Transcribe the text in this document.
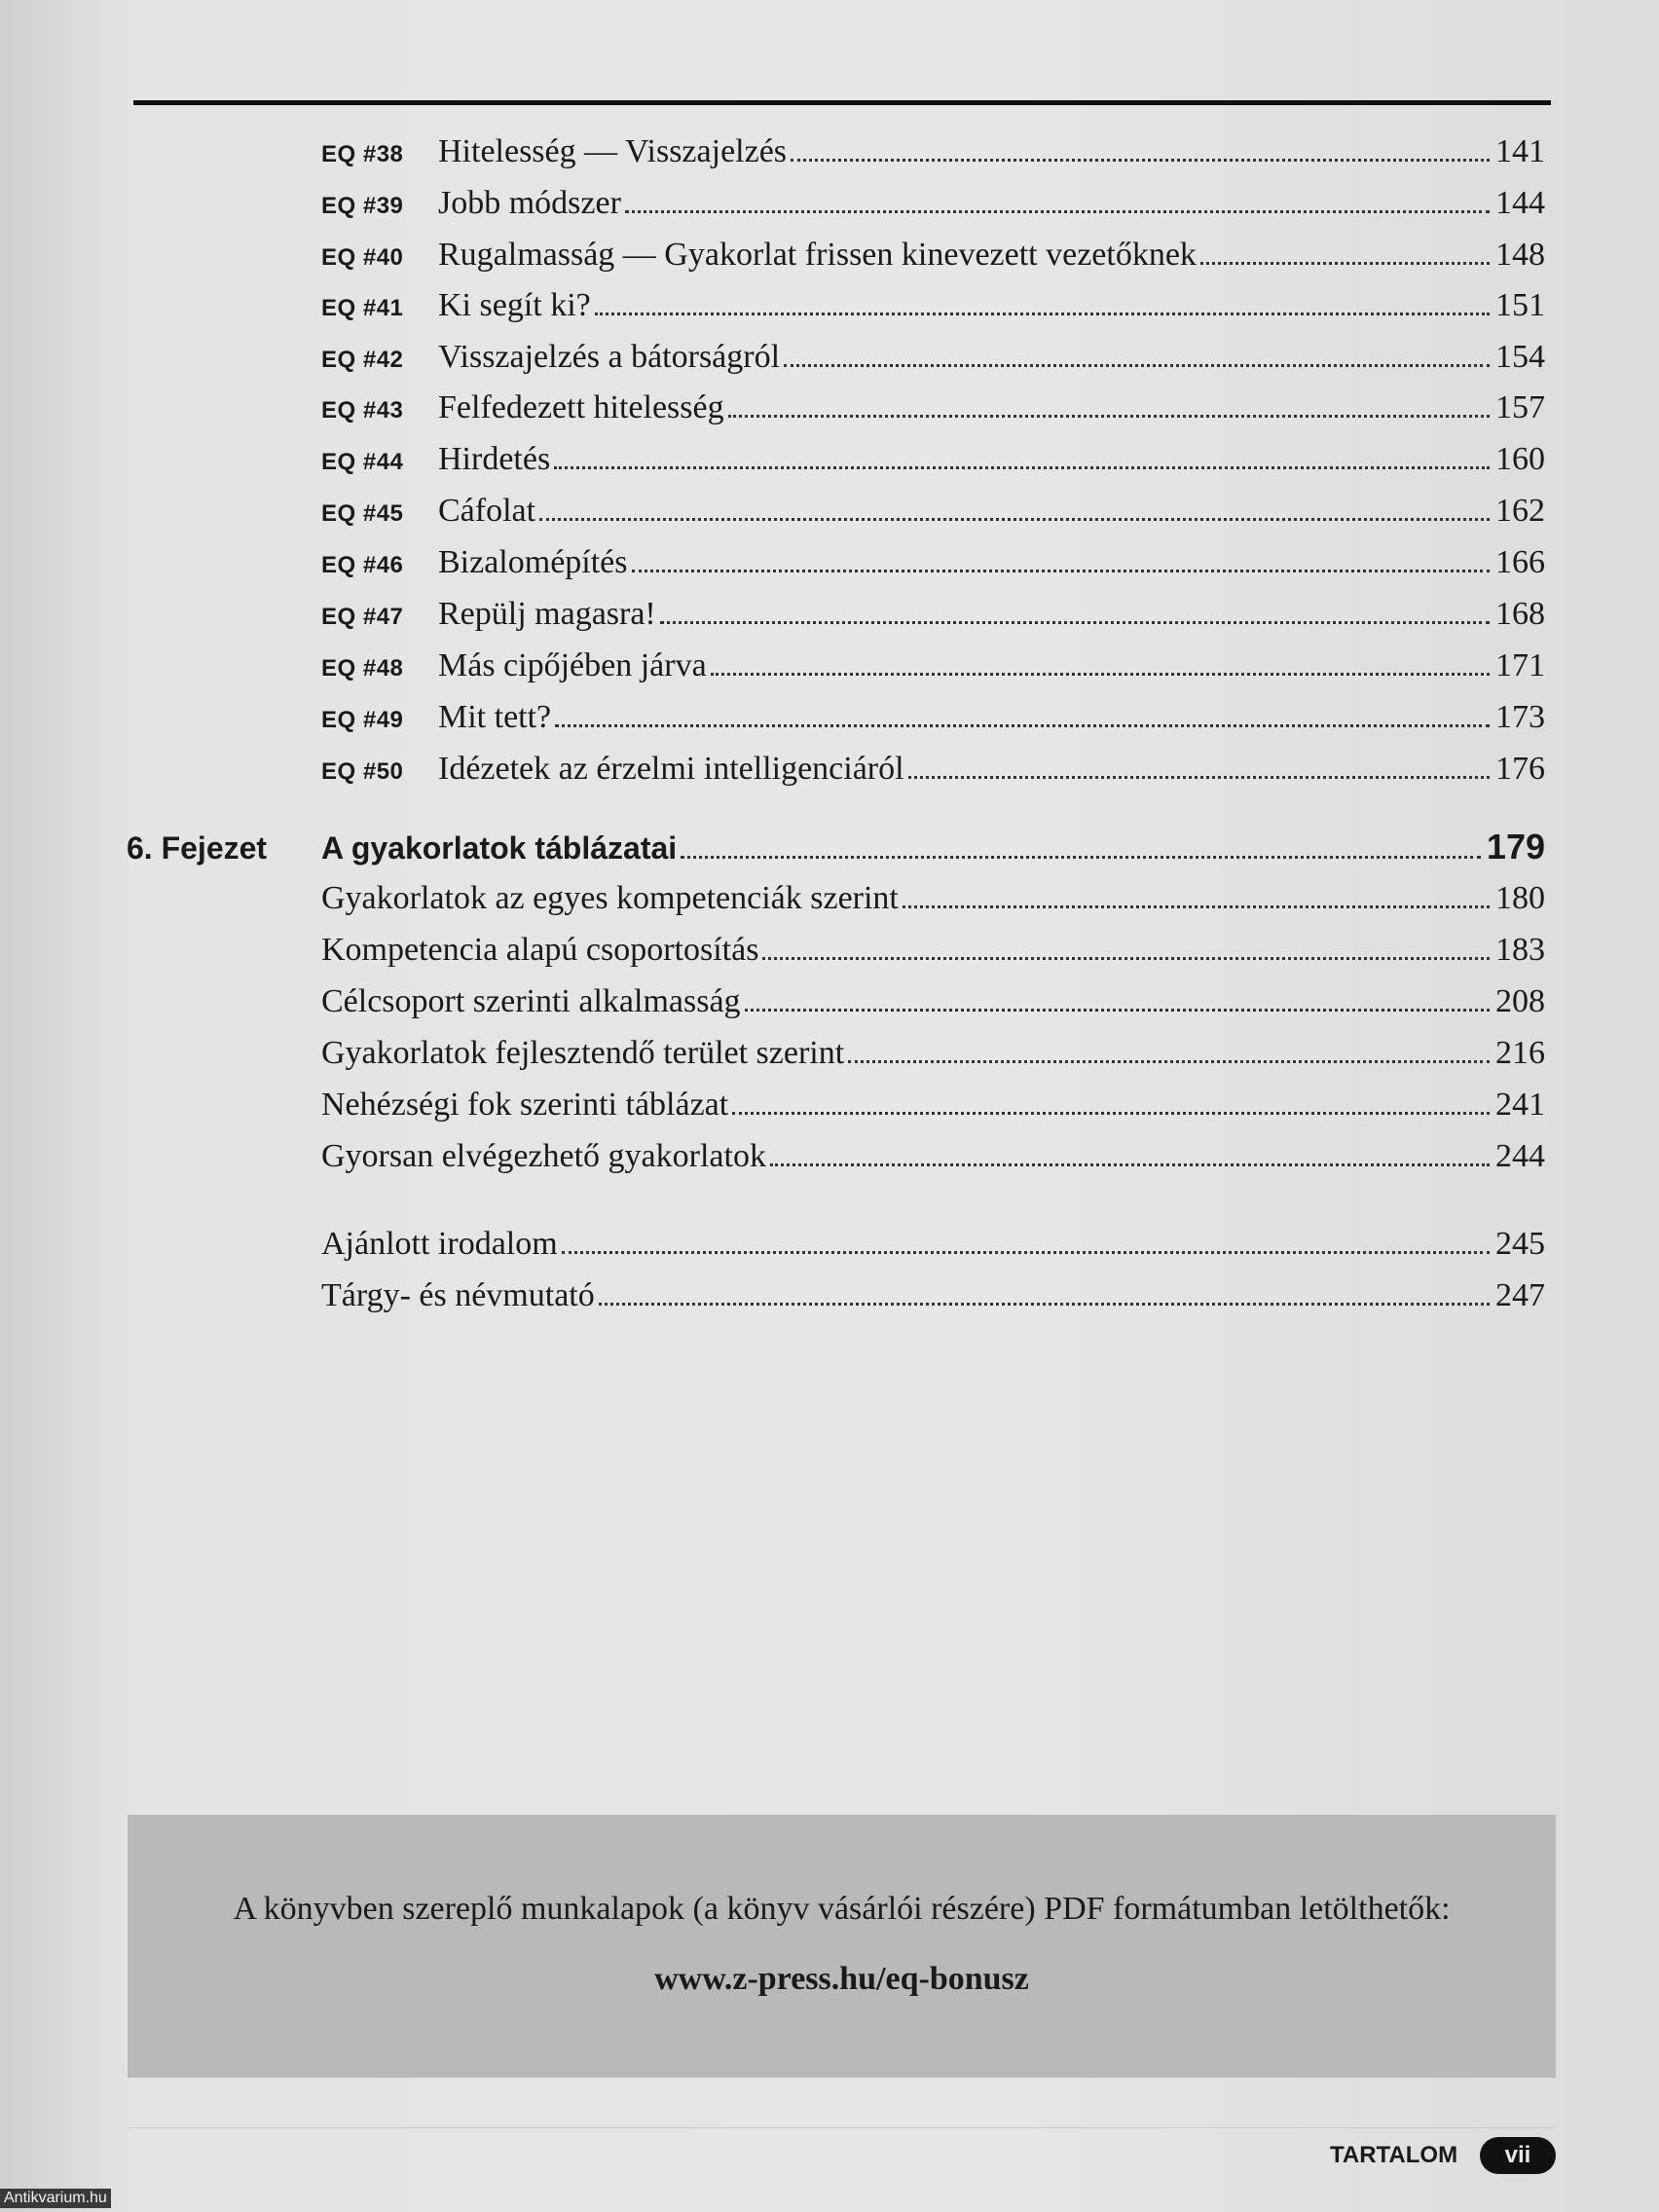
EQ #38	Hitelesség — Visszajelzés	141
EQ #39	Jobb módszer	144
EQ #40	Rugalmasság — Gyakorlat frissen kinevezett vezetőknek	148
EQ #41	Ki segít ki?	151
EQ #42	Visszajelzés a bátorságról	154
EQ #43	Felfedezett hitelesség	157
EQ #44	Hirdetés	160
EQ #45	Cáfolat	162
EQ #46	Bizalomépítés	166
EQ #47	Repülj magasra!	168
EQ #48	Más cipőjében járva	171
EQ #49	Mit tett?	173
EQ #50	Idézetek az érzelmi intelligenciáról	176
6. Fejezet A gyakorlatok táblázatai	179
Gyakorlatok az egyes kompetenciák szerint	180
Kompetencia alapú csoportosítás	183
Célcsoport szerinti alkalmasság	208
Gyakorlatok fejlesztendő terület szerint	216
Nehézségi fok szerinti táblázat	241
Gyorsan elvégezhető gyakorlatok	244
Ajánlott irodalom	245
Tárgy- és névmutató	247
A könyvben szereplő munkalapok (a könyv vásárlói részére) PDF formátumban letölthetők:
www.z-press.hu/eq-bonusz
TARTALOM	vii
Antikvarium.hu
